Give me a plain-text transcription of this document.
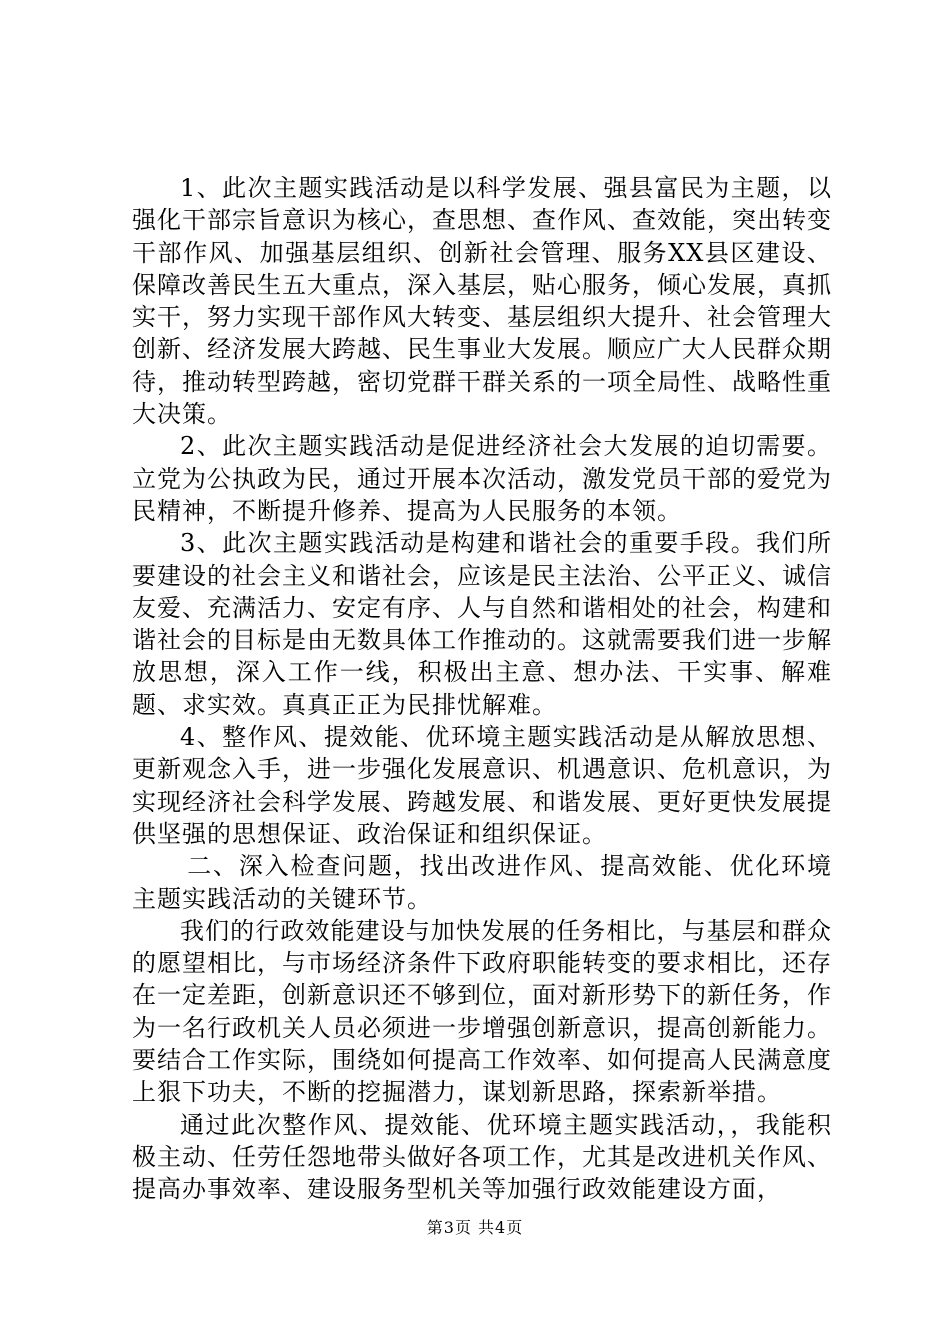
1、此次主题实践活动是以科学发展、强县富民为主题，以强化干部宗旨意识为核心，查思想、查作风、查效能，突出转变干部作风、加强基层组织、创新社会管理、服务XX县区建设、保障改善民生五大重点，深入基层，贴心服务，倾心发展，真抓实干，努力实现干部作风大转变、基层组织大提升、社会管理大创新、经济发展大跨越、民生事业大发展。顺应广大人民群众期待，推动转型跨越，密切党群干群关系的一项全局性、战略性重大决策。

2、此次主题实践活动是促进经济社会大发展的迫切需要。立党为公执政为民，通过开展本次活动，激发党员干部的爱党为民精神，不断提升修养、提高为人民服务的本领。

3、此次主题实践活动是构建和谐社会的重要手段。我们所要建设的社会主义和谐社会，应该是民主法治、公平正义、诚信友爱、充满活力、安定有序、人与自然和谐相处的社会，构建和谐社会的目标是由无数具体工作推动的。这就需要我们进一步解放思想，深入工作一线，积极出主意、想办法、干实事、解难题、求实效。真真正正为民排忧解难。

4、整作风、提效能、优环境主题实践活动是从解放思想、更新观念入手，进一步强化发展意识、机遇意识、危机意识，为实现经济社会科学发展、跨越发展、和谐发展、更好更快发展提供坚强的思想保证、政治保证和组织保证。

二、深入检查问题，找出改进作风、提高效能、优化环境主题实践活动的关键环节。

我们的行政效能建设与加快发展的任务相比，与基层和群众的愿望相比，与市场经济条件下政府职能转变的要求相比，还存在一定差距，创新意识还不够到位，面对新形势下的新任务，作为一名行政机关人员必须进一步增强创新意识，提高创新能力。要结合工作实际，围绕如何提高工作效率、如何提高人民满意度上狠下功夫，不断的挖掘潜力，谋划新思路，探索新举措。

通过此次整作风、提效能、优环境主题实践活动，，我能积极主动、任劳任怨地带头做好各项工作，尤其是改进机关作风、提高办事效率、建设服务型机关等加强行政效能建设方面，

第3页 共4页
